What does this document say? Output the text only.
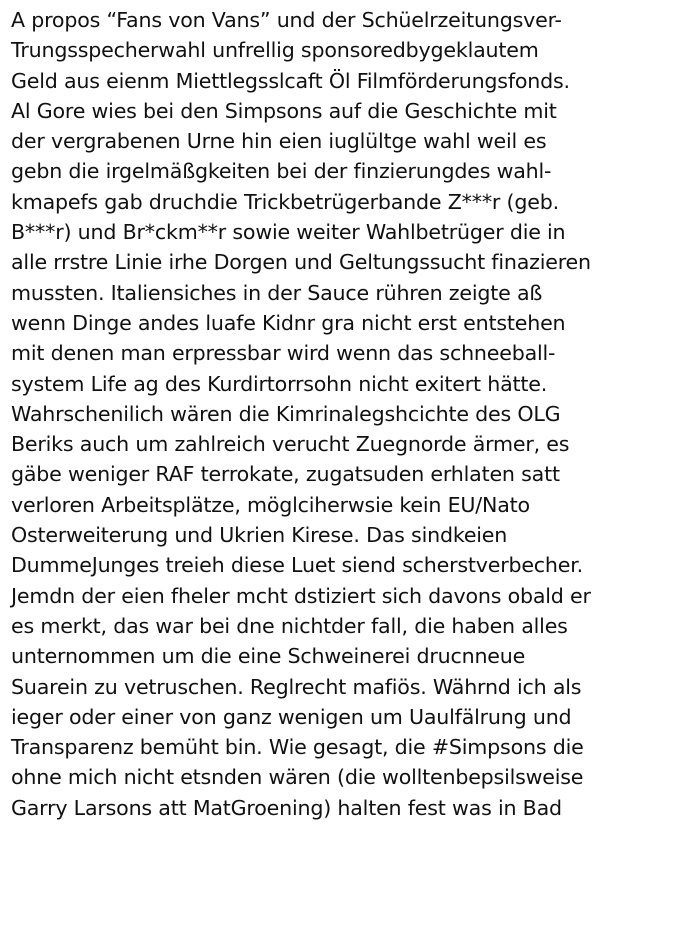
A propos “Fans von Vans” und der Schüelrzeitungsver-
Trungsspecherwahl unfrellig sponsoredbygeklautem
Geld aus eienm Miettlegsslcaft Öl Filmförderungsfonds.
Al Gore wies bei den Simpsons auf die Geschichte mit
der vergrabenen Urne hin eien iuglültge wahl weil es
gebn die irgelmäßgkeiten bei der finzierungdes wahl-
kmapefs gab druchdie Trickbetrügerbande Z***r (geb.
B***r) und Br*ckm**r sowie weiter Wahlbetrüger die in
alle rrstre Linie irhe Dorgen und Geltungssucht finazieren
mussten. Italiensiches in der Sauce rühren zeigte aß
wenn Dinge andes luafe Kidnr gra nicht erst entstehen
mit denen man erpressbar wird wenn das schneeball-
system Life ag des Kurdirtorrsohn nicht exitert hätte.
Wahrschenilich wären die Kimrinalegshcichte des OLG
Beriks auch um zahlreich verucht Zuegnorde ärmer, es
gäbe weniger RAF terrokate, zugatsuden erhlaten satt
verloren Arbeitsplätze, möglciherwsie kein EU/Nato
Osterweiterung und Ukrien Kirese. Das sindkeien
DummeJunges treieh diese Luet siend scherstverbecher.
Jemdn der eien fheler mcht dstiziert sich davons obald er
es merkt, das war bei dne nichtder fall, die haben alles
unternommen um die eine Schweinerei drucnneue
Suarein zu vetruschen. Reglrecht mafiös. Währnd ich als
ieger oder einer von ganz wenigen um Uaulfälrung und
Transparenz bemüht bin. Wie gesagt, die #Simpsons die
ohne mich nicht etsnden wären (die wolltenbepsilsweise
Garry Larsons att MatGroening) halten fest was in Bad
